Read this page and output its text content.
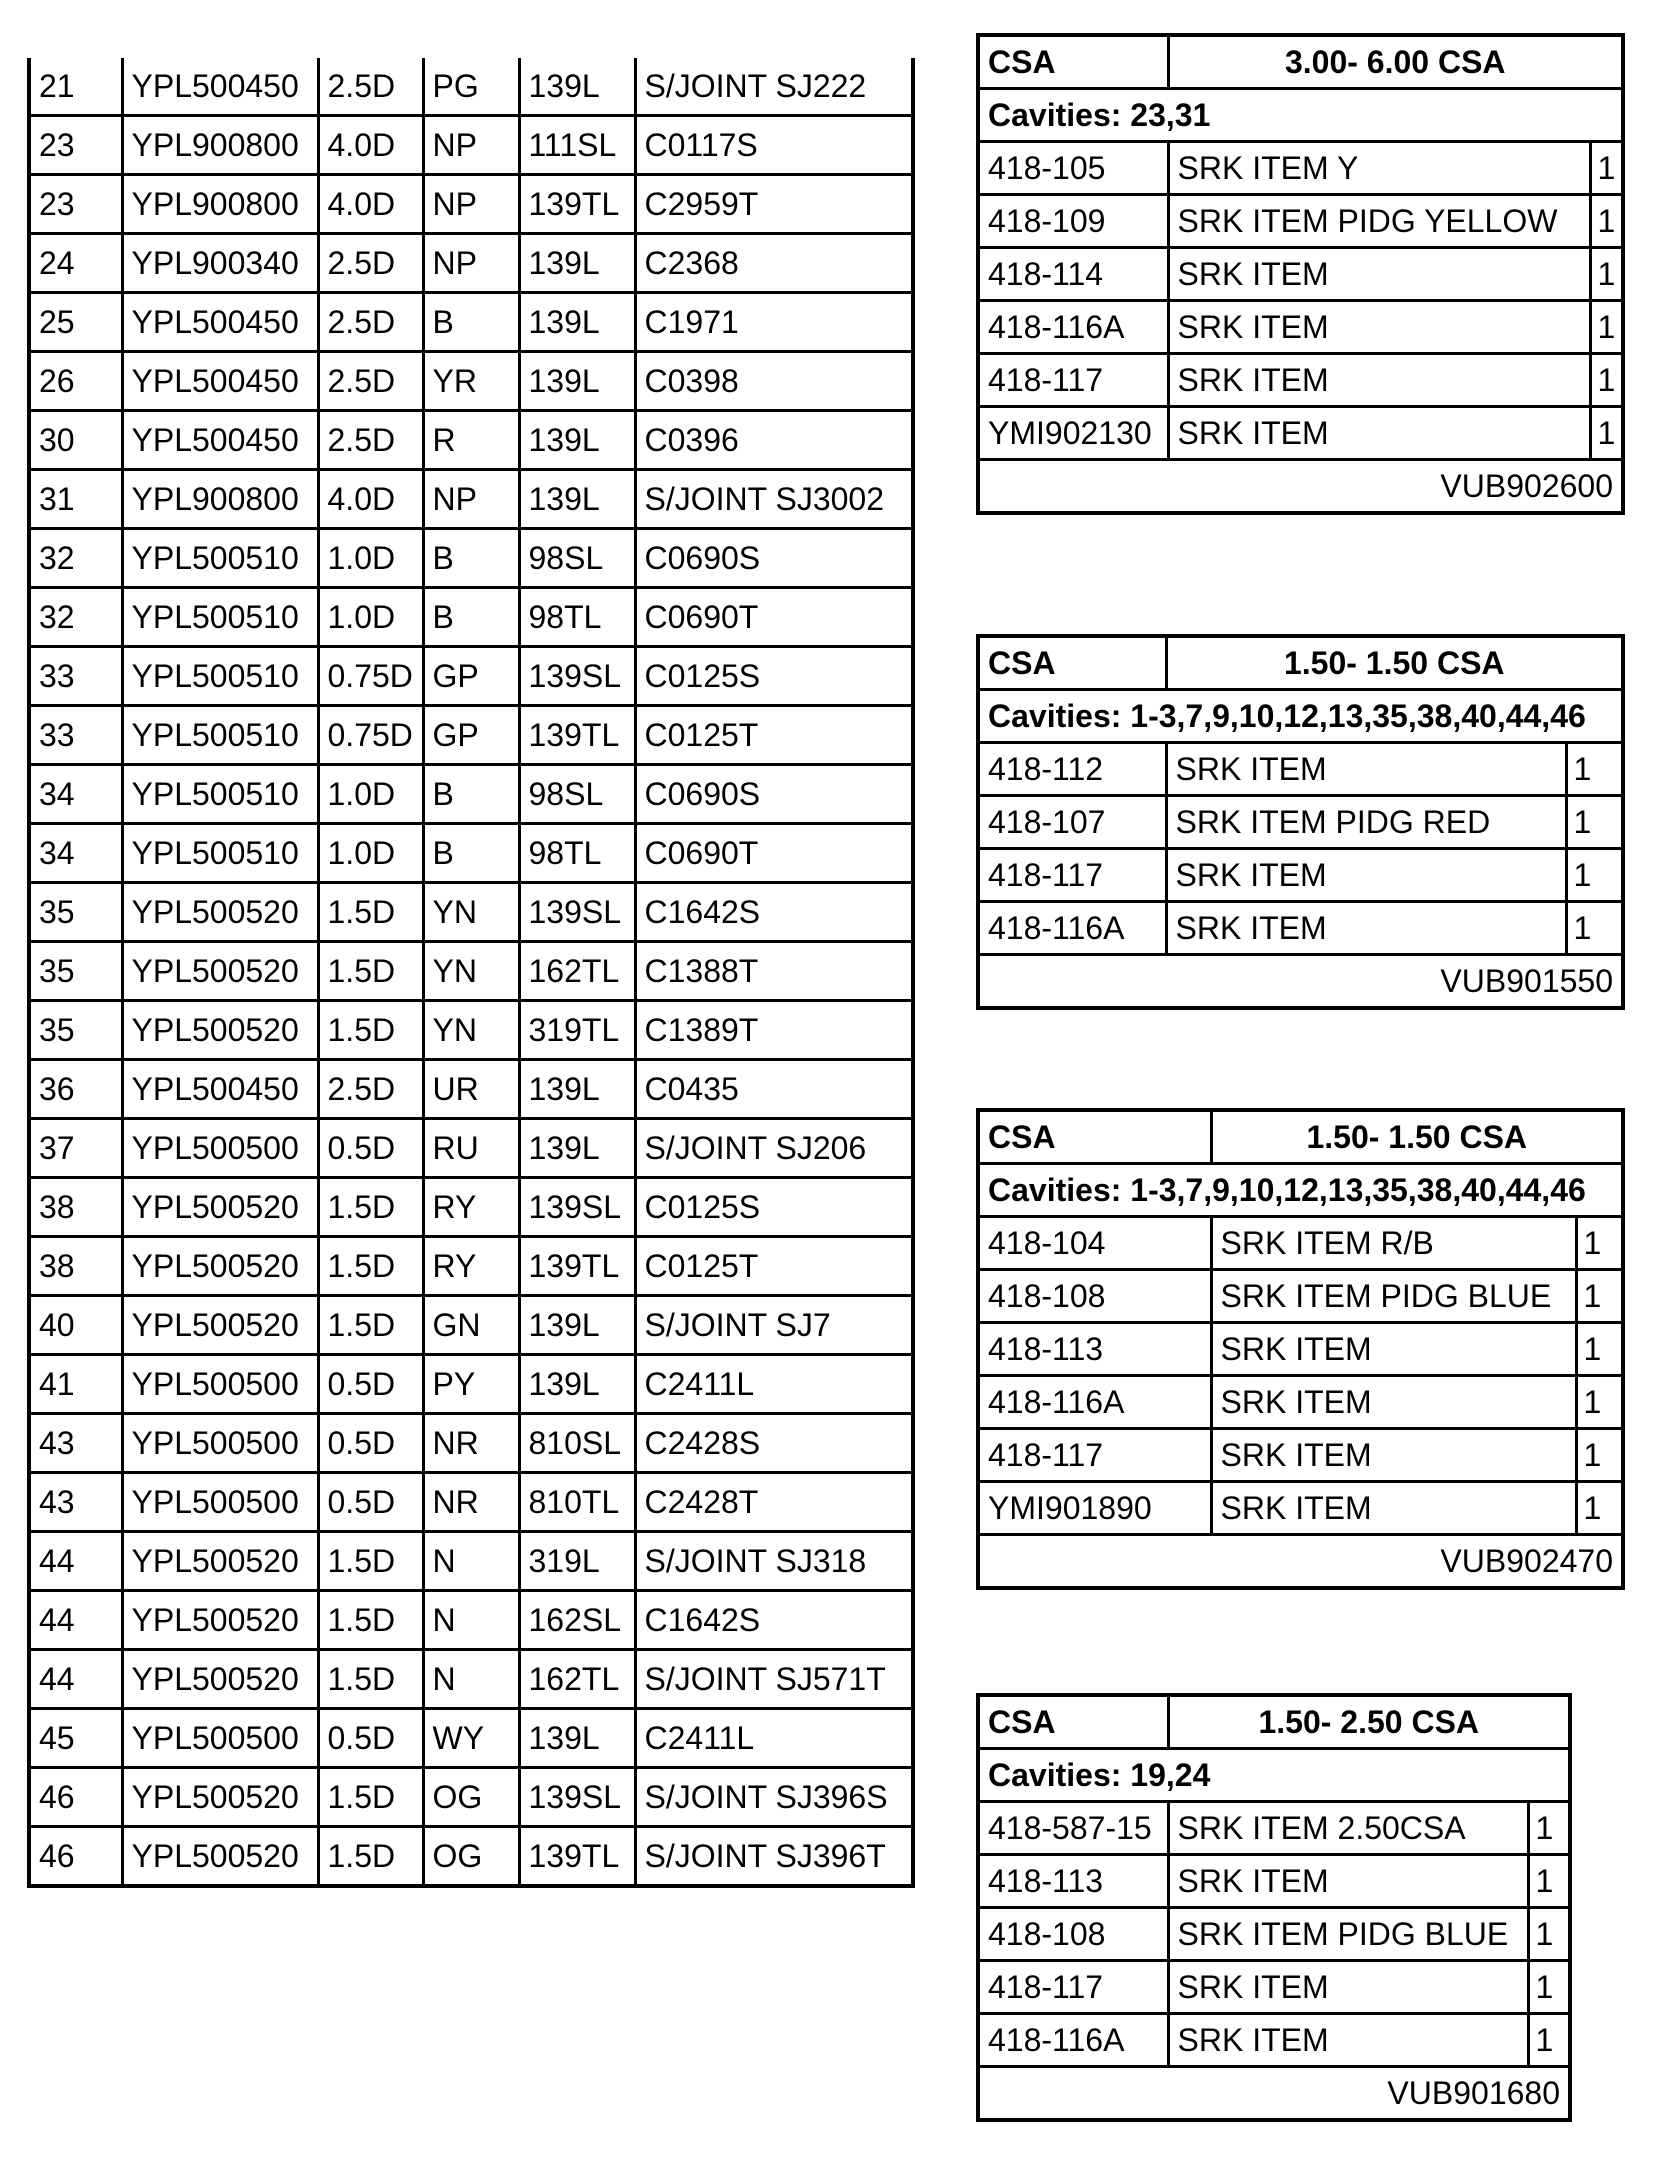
21	YPL500450	2.5D	PG	139L	S/JOINT SJ222
23	YPL900800	4.0D	NP	111SL	C0117S
23	YPL900800	4.0D	NP	139TL	C2959T
24	YPL900340	2.5D	NP	139L	C2368
25	YPL500450	2.5D	B	139L	C1971
26	YPL500450	2.5D	YR	139L	C0398
30	YPL500450	2.5D	R	139L	C0396
31	YPL900800	4.0D	NP	139L	S/JOINT SJ3002
32	YPL500510	1.0D	B	98SL	C0690S
32	YPL500510	1.0D	B	98TL	C0690T
33	YPL500510	0.75D	GP	139SL	C0125S
33	YPL500510	0.75D	GP	139TL	C0125T
34	YPL500510	1.0D	B	98SL	C0690S
34	YPL500510	1.0D	B	98TL	C0690T
35	YPL500520	1.5D	YN	139SL	C1642S
35	YPL500520	1.5D	YN	162TL	C1388T
35	YPL500520	1.5D	YN	319TL	C1389T
36	YPL500450	2.5D	UR	139L	C0435
37	YPL500500	0.5D	RU	139L	S/JOINT SJ206
38	YPL500520	1.5D	RY	139SL	C0125S
38	YPL500520	1.5D	RY	139TL	C0125T
40	YPL500520	1.5D	GN	139L	S/JOINT SJ7
41	YPL500500	0.5D	PY	139L	C2411L
43	YPL500500	0.5D	NR	810SL	C2428S
43	YPL500500	0.5D	NR	810TL	C2428T
44	YPL500520	1.5D	N	319L	S/JOINT SJ318
44	YPL500520	1.5D	N	162SL	C1642S
44	YPL500520	1.5D	N	162TL	S/JOINT SJ571T
45	YPL500500	0.5D	WY	139L	C2411L
46	YPL500520	1.5D	OG	139SL	S/JOINT SJ396S
46	YPL500520	1.5D	OG	139TL	S/JOINT SJ396T
CSA	3.00- 6.00 CSA	
Cavities: 23,31		
418-105	SRK ITEM Y	1
418-109	SRK ITEM PIDG YELLOW	1
418-114	SRK ITEM	1
418-116A	SRK ITEM	1
418-117	SRK ITEM	1
YMI902130	SRK ITEM	1
VUB902600		
CSA	1.50- 1.50 CSA	
Cavities: 1-3,7,9,10,12,13,35,38,40,44,46		
418-112	SRK ITEM	1
418-107	SRK ITEM PIDG RED	1
418-117	SRK ITEM	1
418-116A	SRK ITEM	1
VUB901550		
CSA	1.50- 1.50 CSA	
Cavities: 1-3,7,9,10,12,13,35,38,40,44,46		
418-104	SRK ITEM R/B	1
418-108	SRK ITEM PIDG BLUE	1
418-113	SRK ITEM	1
418-116A	SRK ITEM	1
418-117	SRK ITEM	1
YMI901890	SRK ITEM	1
VUB902470		
CSA	1.50- 2.50 CSA	
Cavities: 19,24		
418-587-15	SRK ITEM 2.50CSA	1
418-113	SRK ITEM	1
418-108	SRK ITEM PIDG BLUE	1
418-117	SRK ITEM	1
418-116A	SRK ITEM	1
VUB901680		
